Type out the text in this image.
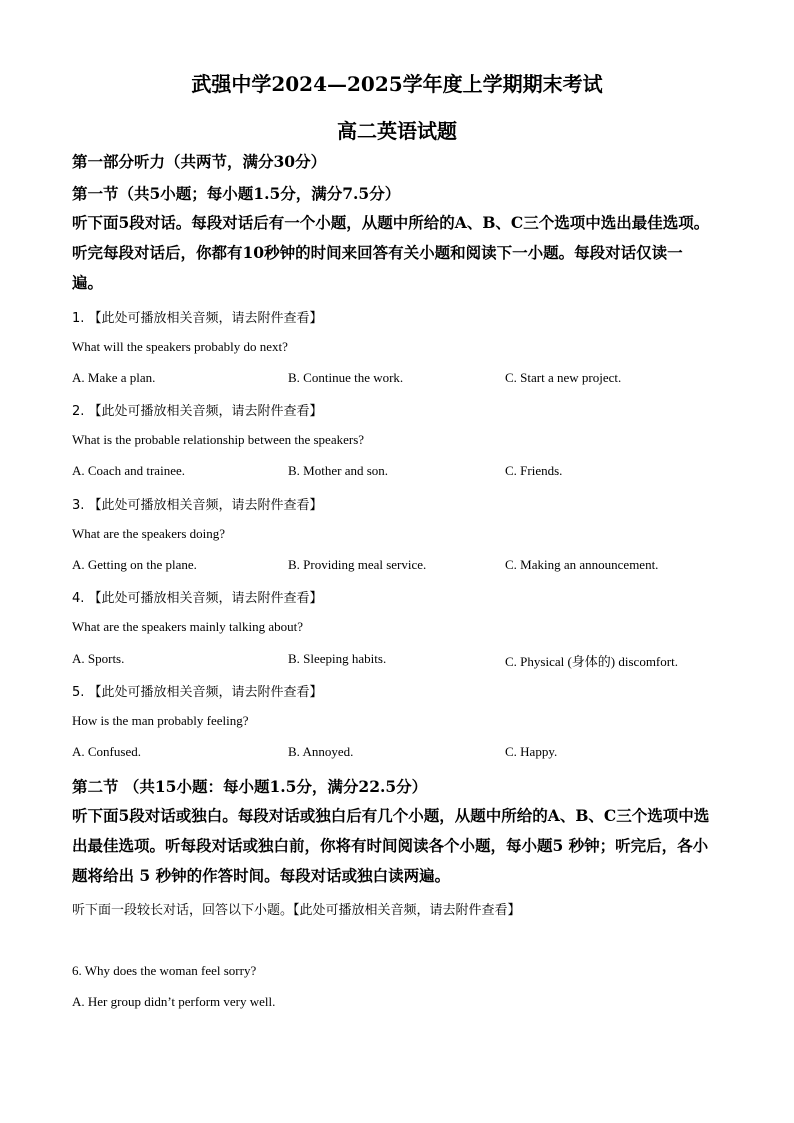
武强中学2024—2025学年度上学期期末考试
高二英语试题
第一部分听力（共两节，满分30分）
第一节（共5小题；每小题1.5分，满分7.5分）
听下面5段对话。每段对话后有一个小题，从题中所给的A、B、C三个选项中选出最佳选项。听完每段对话后，你都有10秒钟的时间来回答有关小题和阅读下一小题。每段对话仅读一遍。
1. 【此处可播放相关音频，请去附件查看】
What will the speakers probably do next?
A. Make a plan.	B. Continue the work.	C. Start a new project.
2. 【此处可播放相关音频，请去附件查看】
What is the probable relationship between the speakers?
A. Coach and trainee.	B. Mother and son.	C. Friends.
3. 【此处可播放相关音频，请去附件查看】
What are the speakers doing?
A. Getting on the plane.	B. Providing meal service.	C. Making an announcement.
4. 【此处可播放相关音频，请去附件查看】
What are the speakers mainly talking about?
A. Sports.	B. Sleeping habits.	C. Physical (身体的) discomfort.
5. 【此处可播放相关音频，请去附件查看】
How is the man probably feeling?
A. Confused.	B. Annoyed.	C. Happy.
第二节 （共15小题：每小题1.5分，满分22.5分）
听下面5段对话或独白。每段对话或独白后有几个小题，从题中所给的A、B、C三个选项中选出最佳选项。听每段对话或独白前，你将有时间阅读各个小题，每小题5 秒钟；听完后，各小题将给出 5 秒钟的作答时间。每段对话或独白读两遍。
听下面一段较长对话，回答以下小题。【此处可播放相关音频，请去附件查看】
6. Why does the woman feel sorry?
A. Her group didn’t perform very well.
